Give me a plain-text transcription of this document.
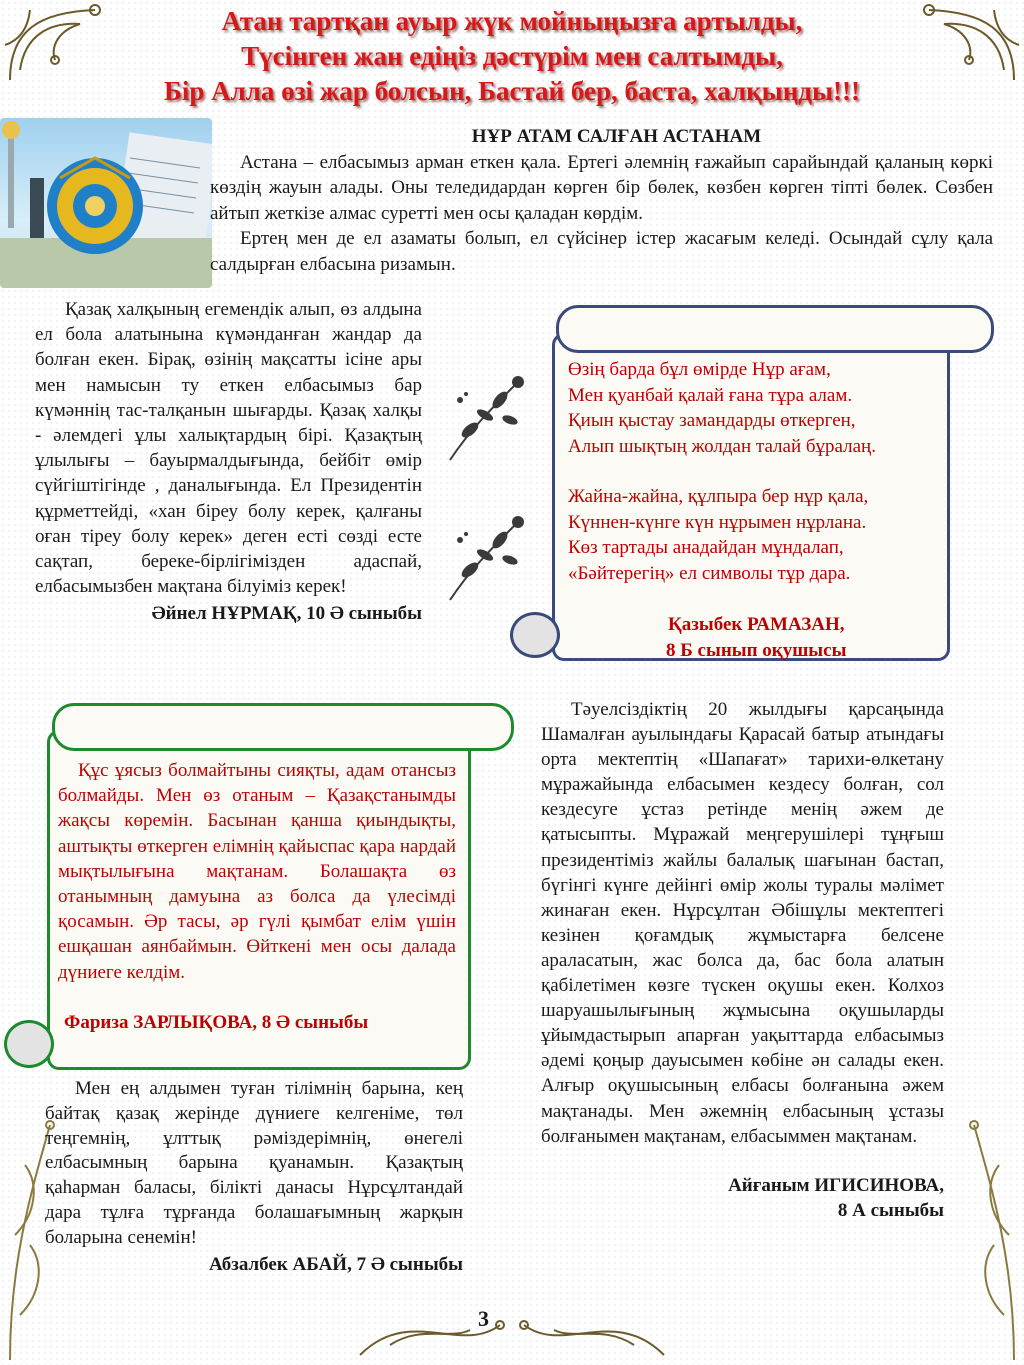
Атан тартқан ауыр жүк мойныңызға артылды,
Түсінген жан едіңіз дәстүрім мен салтымды,
Бір Алла өзі жар болсын, Бастай бер, баста, халқыңды!!!
НҰР АТАМ САЛҒАН АСТАНАМ

Астана – елбасымыз арман еткен қала. Ертегі әлемнің ғажайып сарайындай қаланың көркі көздің жауын алады. Оны теледидардан көрген бір бөлек, көзбен көрген тіпті бөлек. Сөзбен айтып жеткізе алмас суретті мен осы қаладан көрдім.

Ертең мен де ел азаматы болып, ел сүйсінер істер жасағым келеді. Осындай сұлу қала салдырған елбасына ризамын.

Қазақ халқының егемендік алып, өз алдына ел бола алатынына күмәнданған жандар да болған екен. Бірақ, өзінің мақсатты ісіне ары мен намысын ту еткен елбасымыз бар күмәннің тас-талқанын шығарды. Қазақ халқы - әлемдегі ұлы халықтардың бірі. Қазақтың ұлылығы – бауырмалдығында, бейбіт өмір сүйгіштігінде , даналығында. Ел Президентін құрметтейді, «хан біреу болу керек, қалғаны оған тіреу болу керек» деген есті сөзді есте сақтап, береке-бірлігімізден адаспай, елбасымызбен мақтана білуіміз керек!

Әйнел НҰРМАҚ, 10 Ә сыныбы
Өзің барда бұл өмірде Нұр ағам,
Мен қуанбай қалай ғана тұра алам.
Қиын қыстау замандарды өткерген,
Алып шықтың жолдан талай бұралаң.
Жайна-жайна, құлпыра бер нұр қала,
Күннен-күнге күн нұрымен нұрлана.
Көз тартады анадайдан мұндалап,
«Бәйтерегің» ел символы тұр дара.
Қазыбек РАМАЗАН,
8 Б сынып оқушысы

Құс ұясыз болмайтыны сияқты, адам отансыз болмайды. Мен өз отаным – Қазақстанымды жақсы көремін. Басынан қанша қиындықты, аштықты өткерген елімнің қайыспас қара нардай мықтылығына мақтанам. Болашақта өз отанымның дамуына аз болса да үлесімді қосамын. Әр тасы, әр гүлі қымбат елім үшін ешқашан аянбаймын. Өйткені мен осы далада дүниеге келдім.

Фариза ЗАРЛЫҚОВА, 8 Ә сыныбы

Мен ең алдымен туған тілімнің барына, кең байтақ қазақ жерінде дүниеге келгеніме, төл теңгемнің, ұлттық рәміздерімнің, өнегелі елбасымның барына қуанамын. Қазақтың қаһарман баласы, білікті данасы Нұрсұлтандай дара тұлға тұрғанда болашағымның жарқын боларына сенемін!

Абзалбек АБАЙ, 7 Ә сыныбы

Тәуелсіздіктің 20 жылдығы қарсаңында Шамалған ауылындағы Қарасай батыр атындағы орта мектептің «Шапағат» тарихи-өлкетану мұражайында елбасымен кездесу болған, сол кездесуге ұстаз ретінде менің әжем де қатысыпты. Мұражай меңгерушілері тұңғыш президентіміз жайлы балалық шағынан бастап, бүгінгі күнге дейінгі өмір жолы туралы мәлімет жинаған екен. Нұрсұлтан Әбішұлы мектептегі кезінен қоғамдық жұмыстарға белсене араласатын, жас болса да, бас бола алатын қабілетімен көзге түскен оқушы екен. Колхоз шаруашылығының жұмысына оқушыларды ұйымдастырып апарған уақыттарда елбасымыз әдемі қоңыр дауысымен көбіне ән салады екен. Алғыр оқушысының елбасы болғанына әжем мақтанады. Мен әжемнің елбасының ұстазы болғанымен мақтанам, елбасыммен мақтанам.

Айғаным ИГИСИНОВА,
8 А сыныбы
3
